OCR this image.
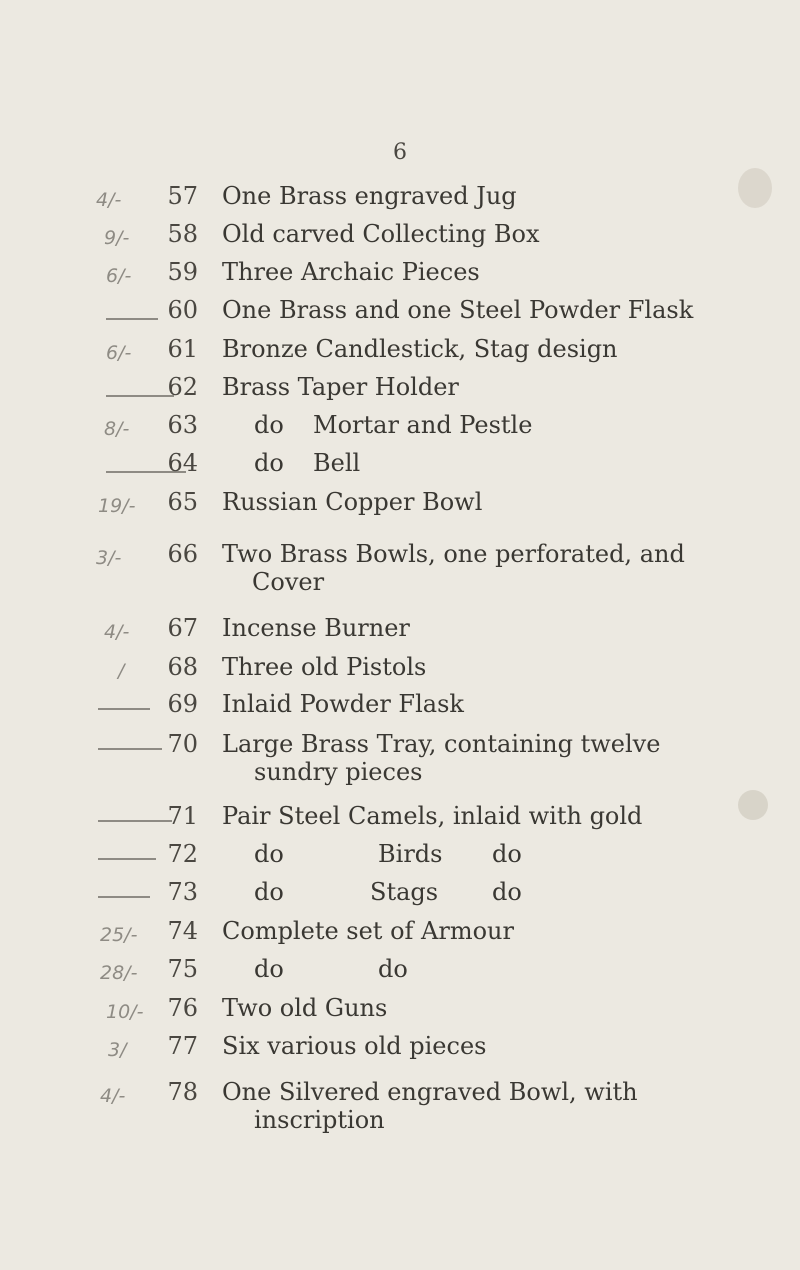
6
4/-	57 One Brass engraved Jug
9/-	58 Old carved Collecting Box
6/-	59 Three Archaic Pieces
60 One Brass and one Steel Powder Flask
6/-	61 Bronze Candlestick, Stag design
62 Brass Taper Holder
8/-	63 do Mortar and Pestle
64 do Bell
19/-	65 Russian Copper Bowl
3/-	66 Two Brass Bowls, one perforated, and
Cover
4/-	67 Incense Burner
/	68 Three old Pistols
69 Inlaid Powder Flask
70 Large Brass Tray, containing twelve
sundry pieces
71 Pair Steel Camels, inlaid with gold
72 do	Birds do
73 do	Stags do
25/-	74 Complete set of Armour
28/-	75 do	do
10/-	76 Two old Guns
3/	77 Six various old pieces
4/-	78 One Silvered engraved Bowl, with
inscription
